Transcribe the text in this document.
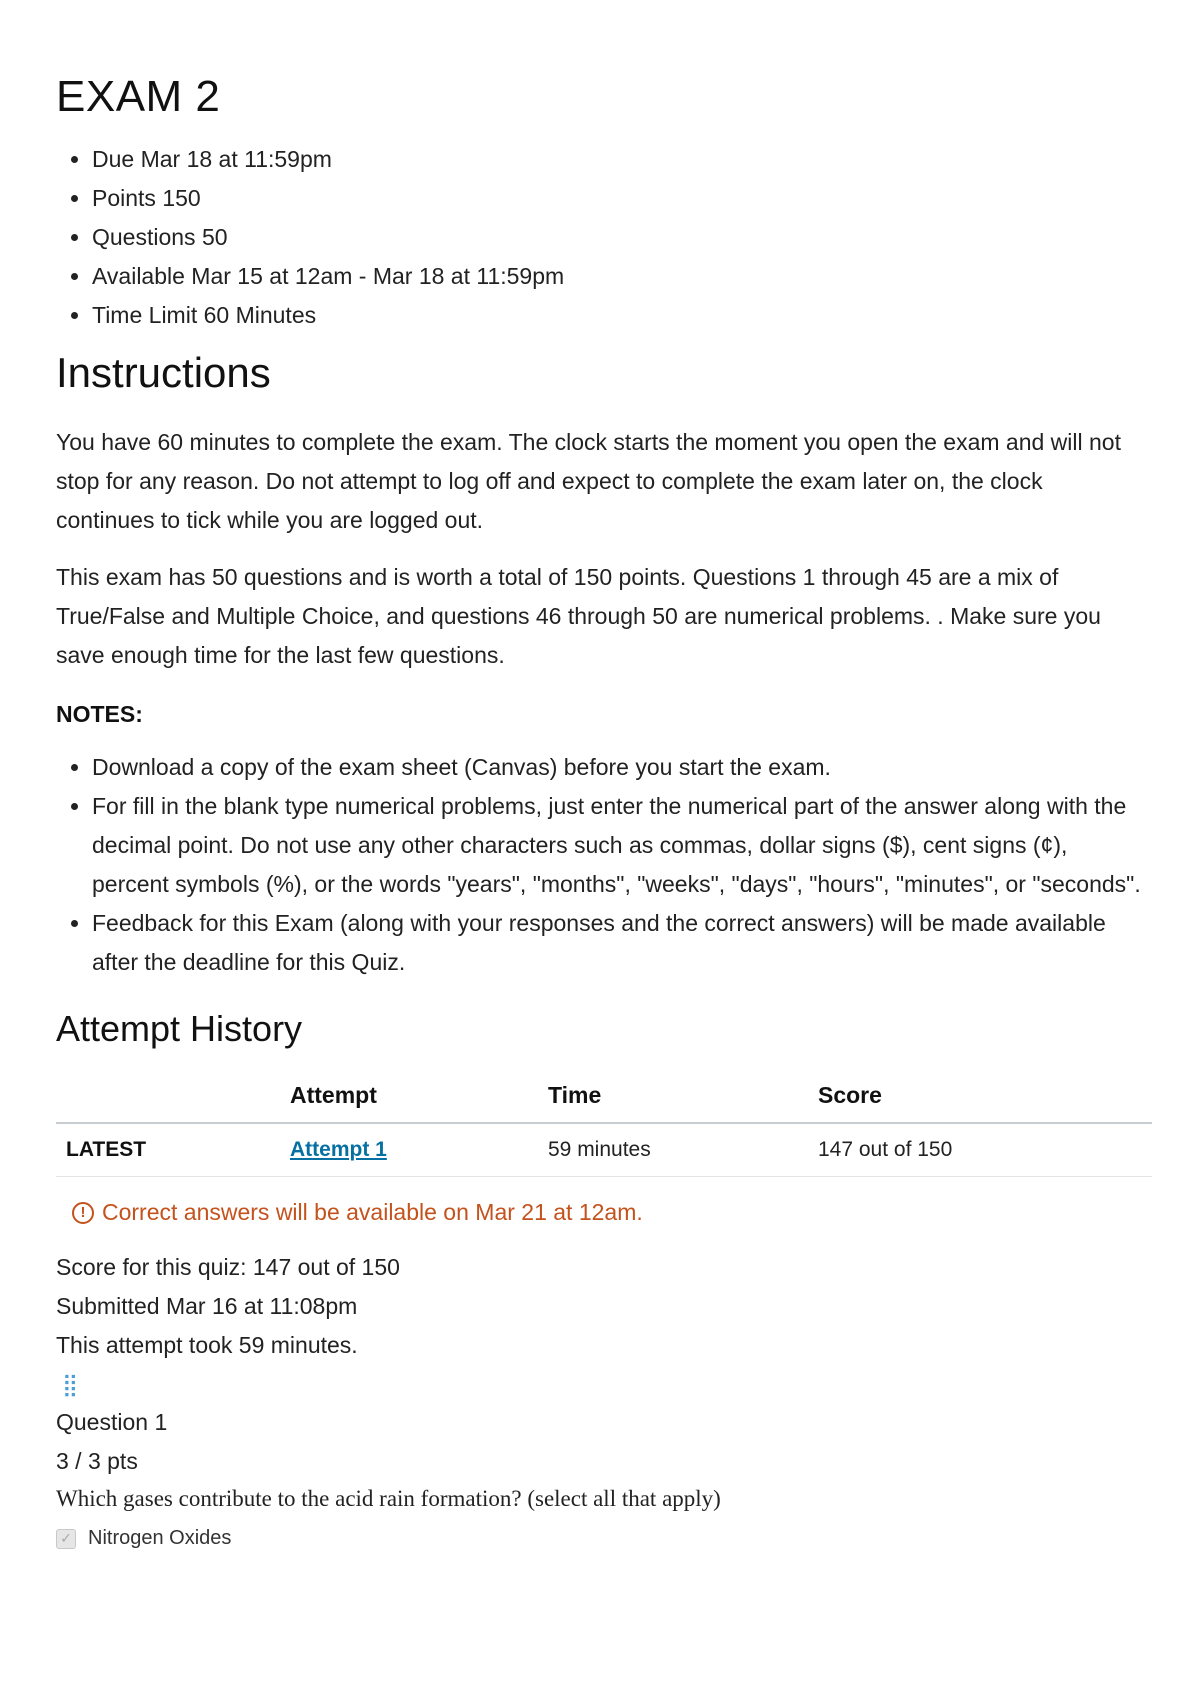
EXAM 2
• Due Mar 18 at 11:59pm
• Points 150
• Questions 50
• Available Mar 15 at 12am - Mar 18 at 11:59pm
• Time Limit 60 Minutes
Instructions

You have 60 minutes to complete the exam. The clock starts the moment you open the exam and will not stop for any reason. Do not attempt to log off and expect to complete the exam later on, the clock continues to tick while you are logged out.

This exam has 50 questions and is worth a total of 150 points. Questions 1 through 45 are a mix of True/False and Multiple Choice, and questions 46 through 50 are numerical problems. . Make sure you save enough time for the last few questions.

NOTES:
• Download a copy of the exam sheet (Canvas) before you start the exam.
• For fill in the blank type numerical problems, just enter the numerical part of the answer along with the decimal point. Do not use any other characters such as commas, dollar signs ($), cent signs (¢), percent symbols (%), or the words "years", "months", "weeks", "days", "hours", "minutes", or "seconds".
• Feedback for this Exam (along with your responses and the correct answers) will be made available after the deadline for this Quiz.
Attempt History
	Attempt	Time	Score
LATEST	Attempt 1	59 minutes	147 out of 150
! Correct answers will be available on Mar 21 at 12am.
Score for this quiz: 147 out of 150
Submitted Mar 16 at 11:08pm
This attempt took 59 minutes.
⣿
Question 1
3 / 3 pts
Which gases contribute to the acid rain formation? (select all that apply)
✓ Nitrogen Oxides
